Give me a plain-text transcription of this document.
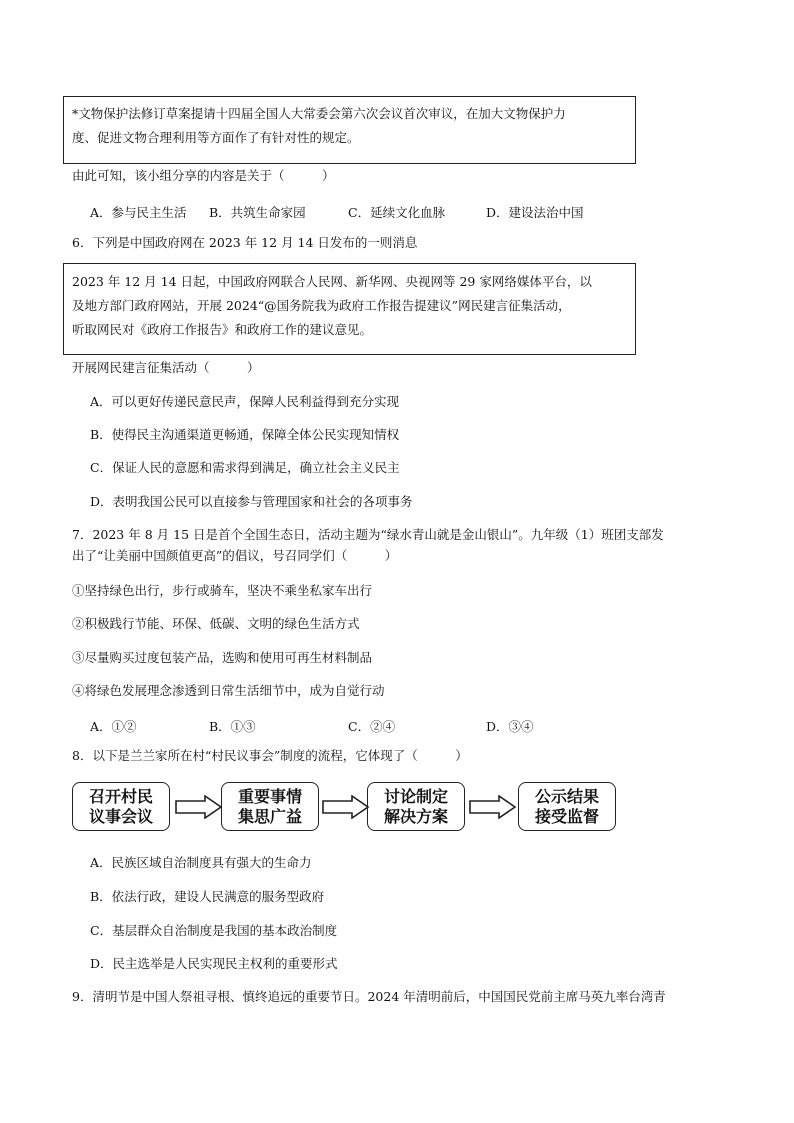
*文物保护法修订草案提请十四届全国人大常委会第六次会议首次审议，在加大文物保护力
度、促进文物合理利用等方面作了有针对性的规定。
由此可知，该小组分享的内容是关于（　　　）
A．参与民主生活 B．共筑生命家园	C．延续文化血脉	D．建设法治中国
6．下列是中国政府网在 2023 年 12 月 14 日发布的一则消息
2023 年 12 月 14 日起，中国政府网联合人民网、新华网、央视网等 29 家网络媒体平台，以
及地方部门政府网站，开展 2024“@国务院我为政府工作报告提建议”网民建言征集活动，
听取网民对《政府工作报告》和政府工作的建议意见。
开展网民建言征集活动（　　　）
A．可以更好传递民意民声，保障人民利益得到充分实现
B．使得民主沟通渠道更畅通，保障全体公民实现知情权
C．保证人民的意愿和需求得到满足，确立社会主义民主
D．表明我国公民可以直接参与管理国家和社会的各项事务
7．2023 年 8 月 15 日是首个全国生态日，活动主题为“绿水青山就是金山银山”。九年级（1）班团支部发
出了“让美丽中国颜值更高”的倡议，号召同学们（　　　）
①坚持绿色出行，步行或骑车，坚决不乘坐私家车出行
②积极践行节能、环保、低碳、文明的绿色生活方式
③尽量购买过度包装产品，选购和使用可再生材料制品
④将绿色发展理念渗透到日常生活细节中，成为自觉行动
A．①②	B．①③	C．②④	D．③④
8．以下是兰兰家所在村“村民议事会”制度的流程，它体现了（　　　）
召开村民
议事会议
重要事情
集思广益
讨论制定
解决方案
公示结果
接受监督
A．民族区域自治制度具有强大的生命力
B．依法行政，建设人民满意的服务型政府
C．基层群众自治制度是我国的基本政治制度
D．民主选举是人民实现民主权利的重要形式
9．清明节是中国人祭祖寻根、慎终追远的重要节日。2024 年清明前后，中国国民党前主席马英九率台湾青
